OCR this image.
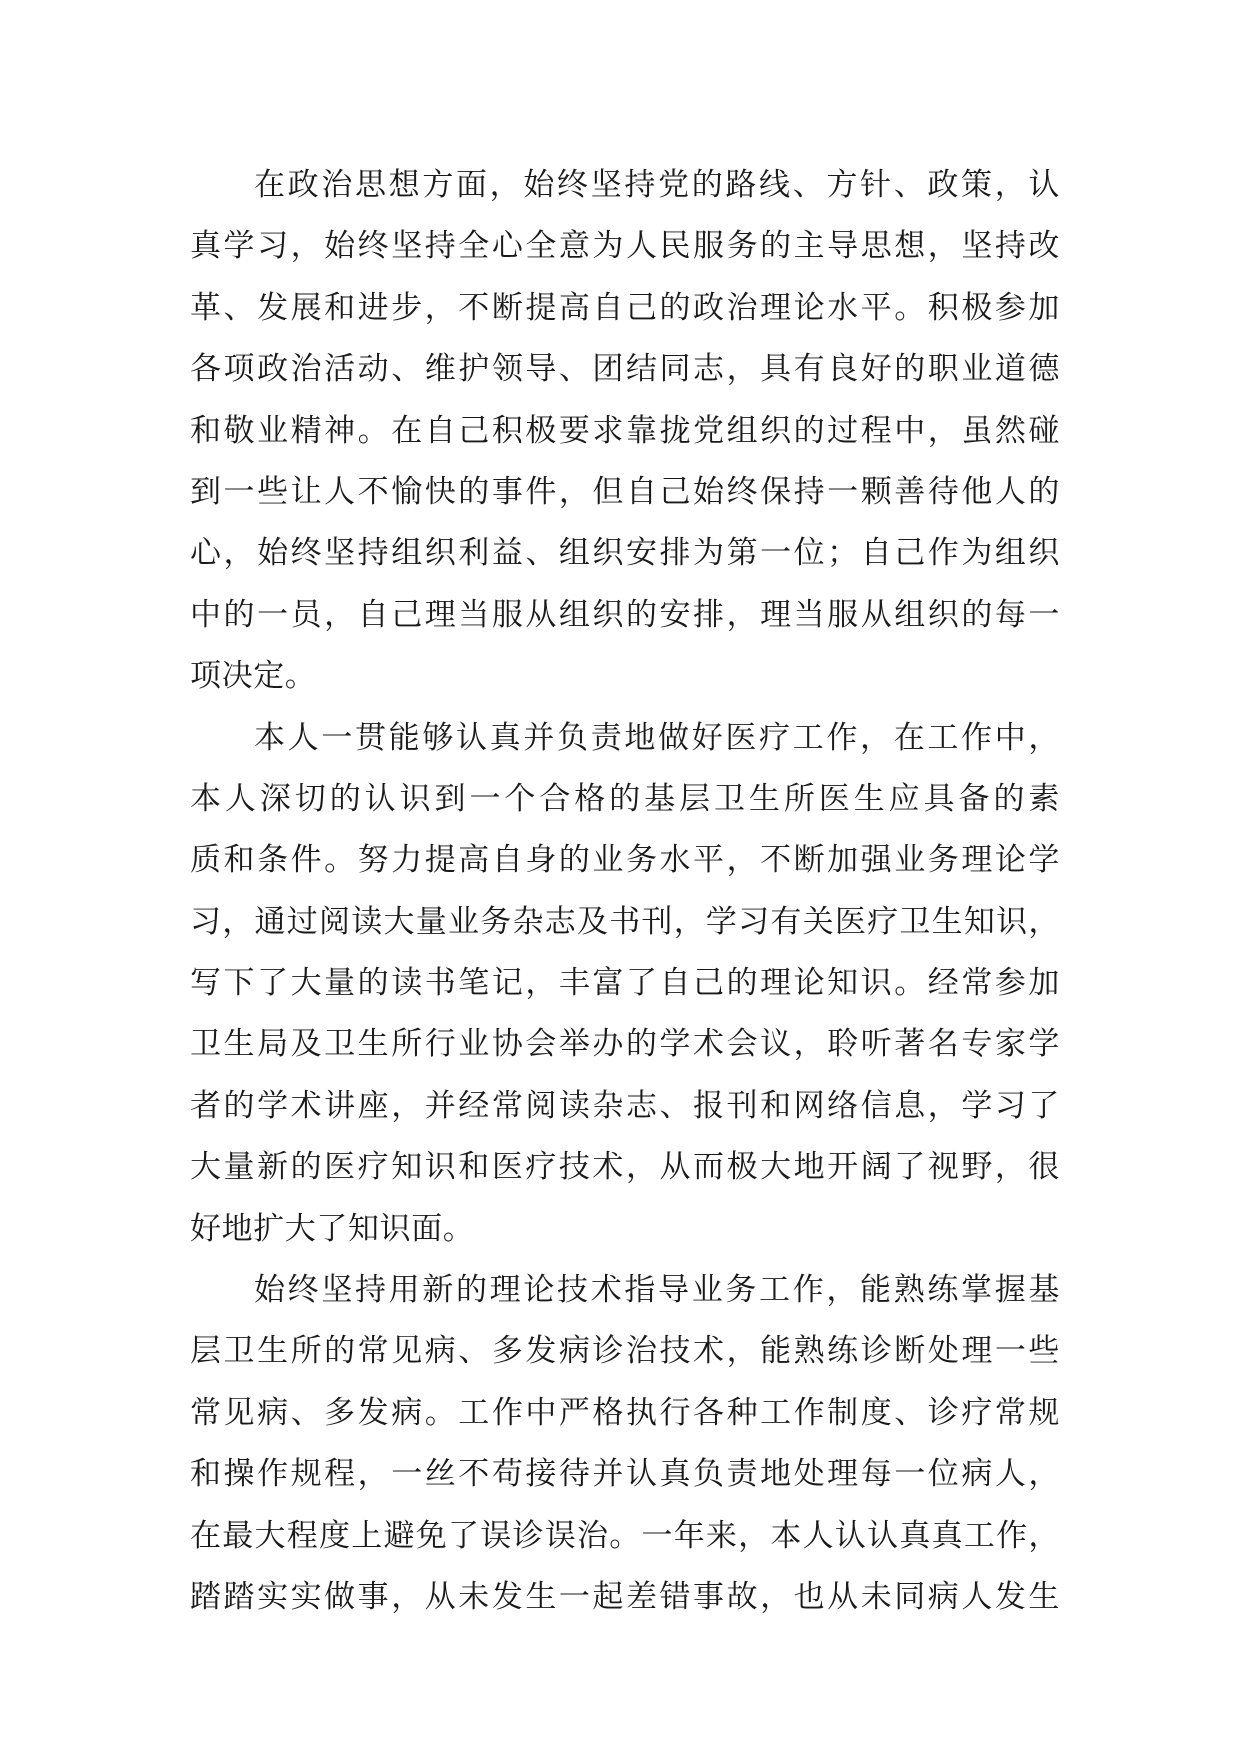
在政治思想方面，始终坚持党的路线、方针、政策，认
真学习，始终坚持全心全意为人民服务的主导思想，坚持改
革、发展和进步，不断提高自己的政治理论水平。积极参加
各项政治活动、维护领导、团结同志，具有良好的职业道德
和敬业精神。在自己积极要求靠拢党组织的过程中，虽然碰
到一些让人不愉快的事件，但自己始终保持一颗善待他人的
心，始终坚持组织利益、组织安排为第一位；自己作为组织
中的一员，自己理当服从组织的安排，理当服从组织的每一
项决定。
本人一贯能够认真并负责地做好医疗工作，在工作中，
本人深切的认识到一个合格的基层卫生所医生应具备的素
质和条件。努力提高自身的业务水平，不断加强业务理论学
习，通过阅读大量业务杂志及书刊，学习有关医疗卫生知识，
写下了大量的读书笔记，丰富了自己的理论知识。经常参加
卫生局及卫生所行业协会举办的学术会议，聆听著名专家学
者的学术讲座，并经常阅读杂志、报刊和网络信息，学习了
大量新的医疗知识和医疗技术，从而极大地开阔了视野，很
好地扩大了知识面。
始终坚持用新的理论技术指导业务工作，能熟练掌握基
层卫生所的常见病、多发病诊治技术，能熟练诊断处理一些
常见病、多发病。工作中严格执行各种工作制度、诊疗常规
和操作规程，一丝不苟接待并认真负责地处理每一位病人，
在最大程度上避免了误诊误治。一年来，本人认认真真工作，
踏踏实实做事，从未发生一起差错事故，也从未同病人发生
